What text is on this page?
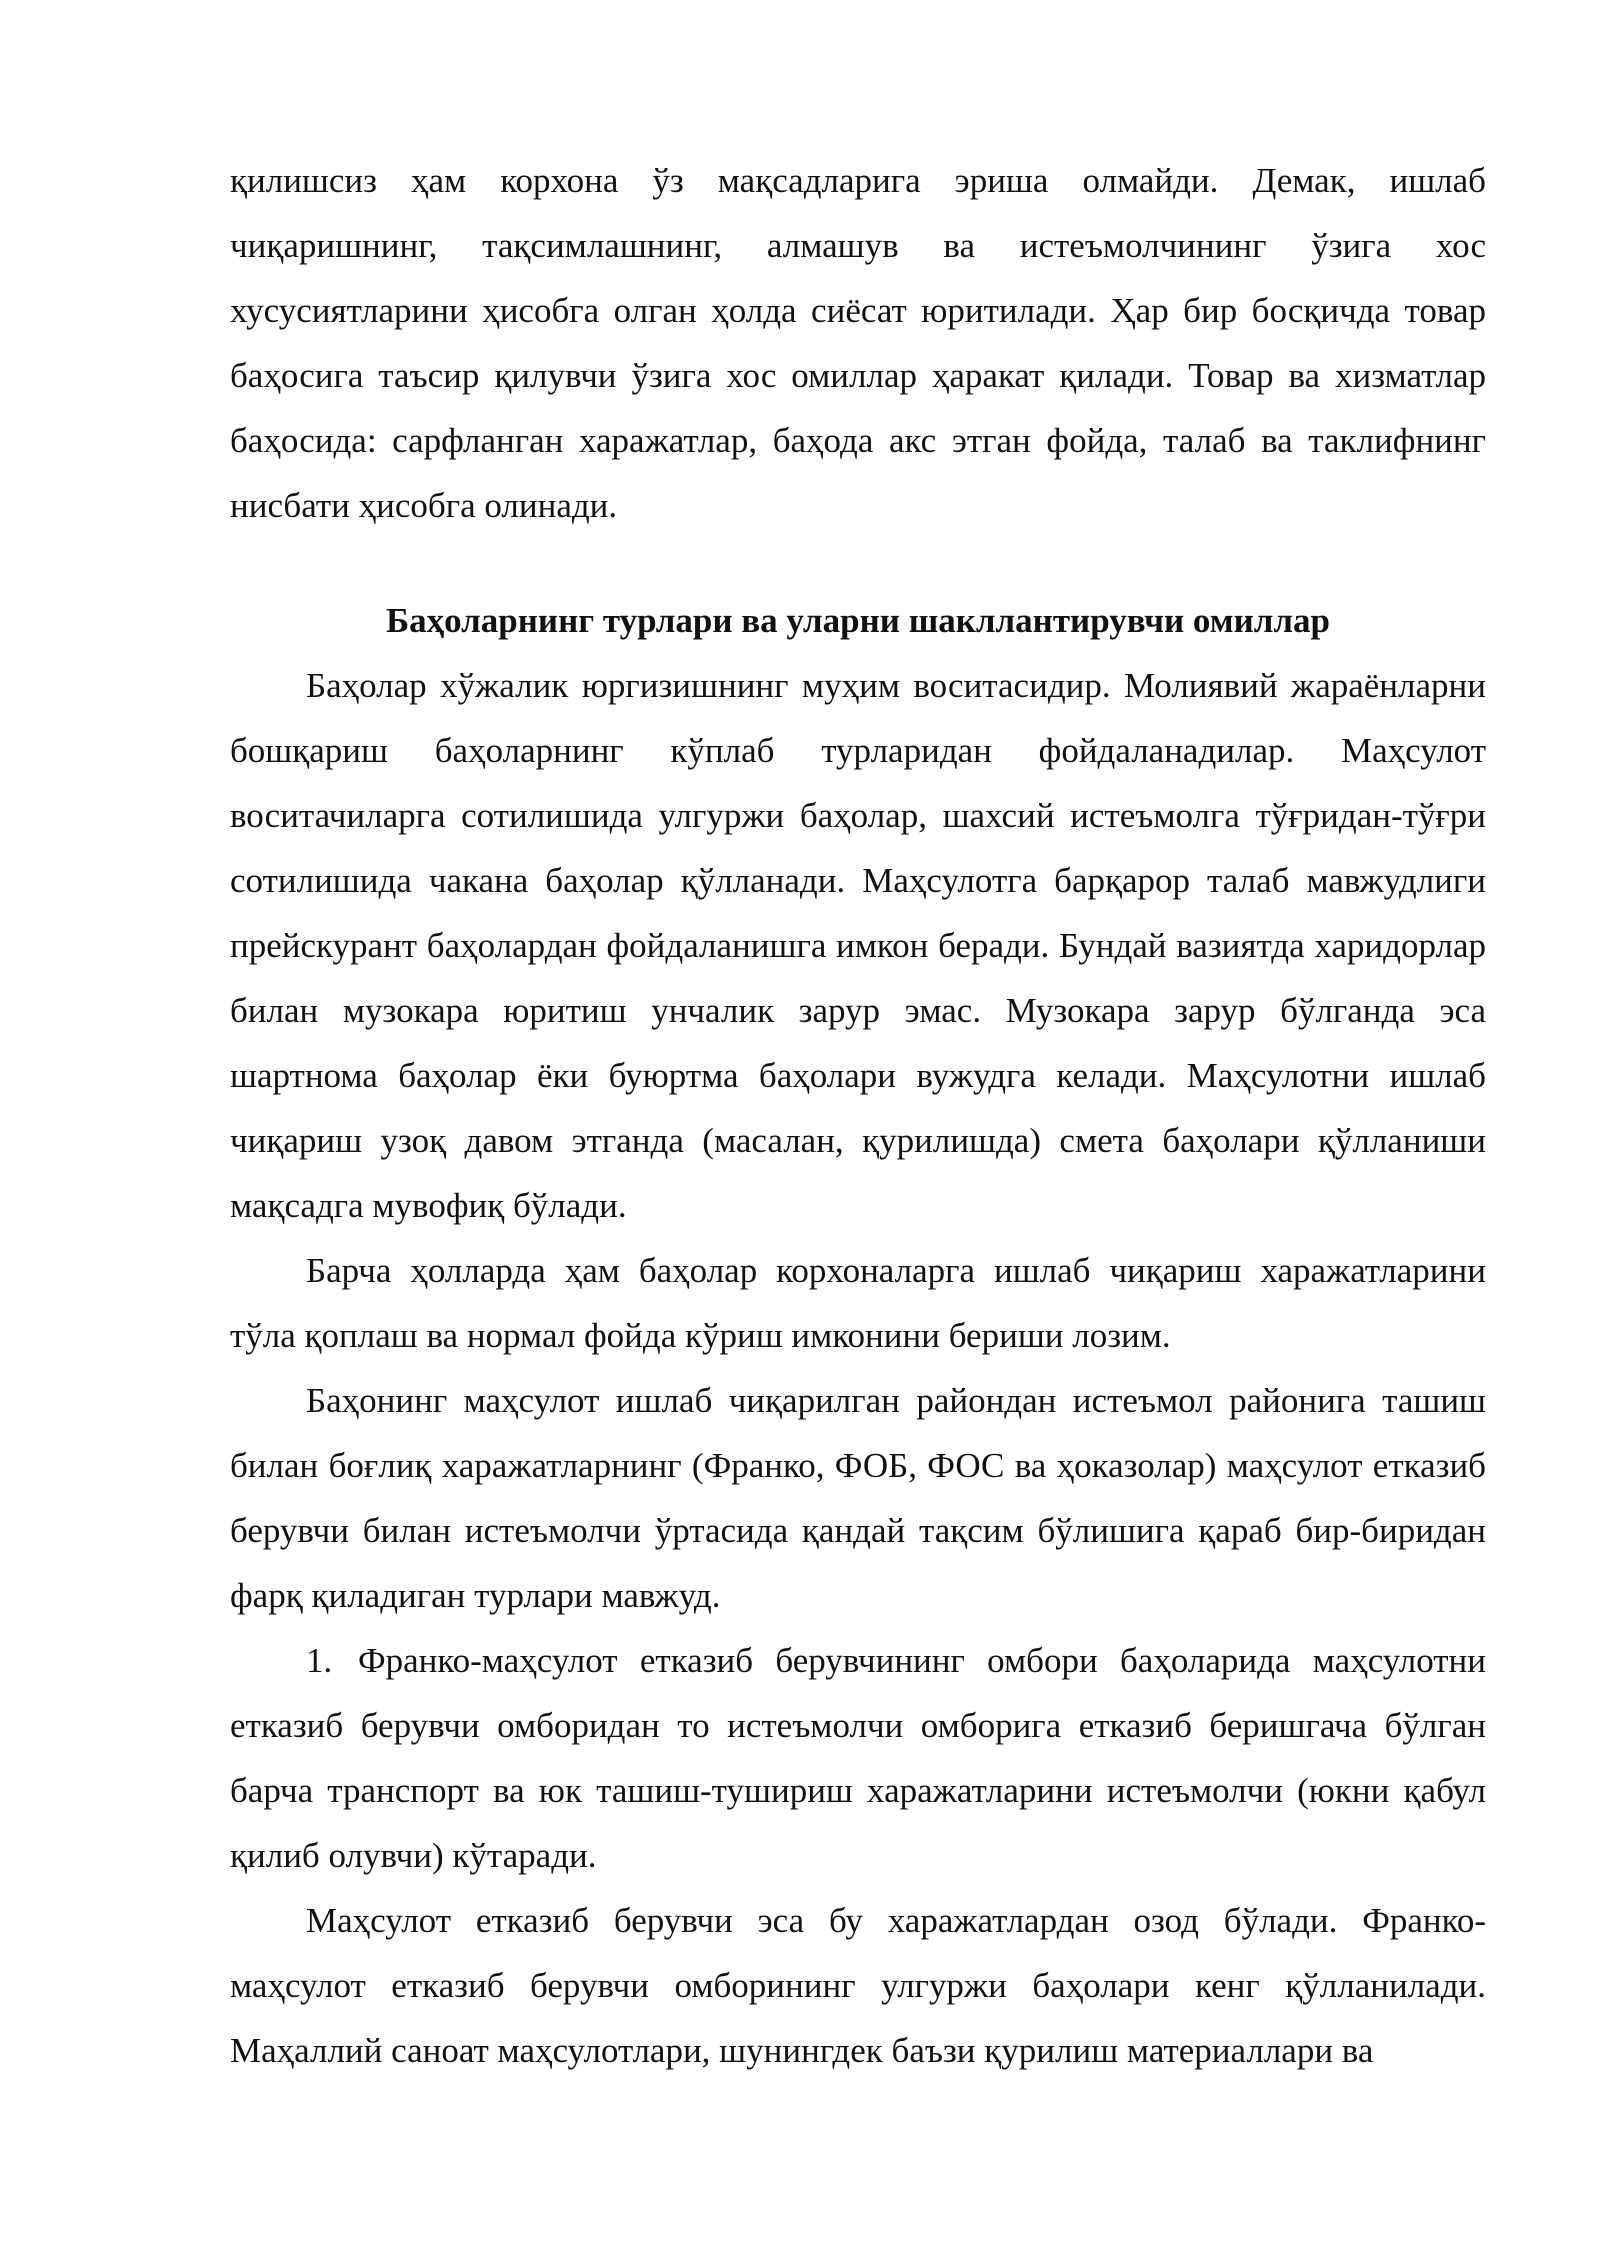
қилишсиз ҳам корхона ўз мақсадларига эриша олмайди. Демак, ишлаб чиқаришнинг, тақсимлашнинг, алмашув ва истеъмолчининг ўзига хос хусусиятларини ҳисобга олган ҳолда сиёсат юритилади. Ҳар бир босқичда товар баҳосига таъсир қилувчи ўзига хос омиллар ҳаракат қилади. Товар ва хизматлар баҳосида: сарфланган харажатлар, баҳода акс этган фойда, талаб ва таклифнинг нисбати ҳисобга олинади.

Баҳоларнинг турлари ва уларни шакллантирувчи омиллар

Баҳолар хўжалик юргизишнинг муҳим воситасидир. Молиявий жараёнларни бошқариш баҳоларнинг кўплаб турларидан фойдаланадилар. Маҳсулот воситачиларга сотилишида улгуржи баҳолар, шахсий истеъмолга тўғридан-тўғри сотилишида чакана баҳолар қўлланади. Маҳсулотга барқарор талаб мавжудлиги прейскурант баҳолардан фойдаланишга имкон беради. Бундай вазиятда харидорлар билан музокара юритиш унчалик зарур эмас. Музокара зарур бўлганда эса шартнома баҳолар ёки буюртма баҳолари вужудга келади. Маҳсулотни ишлаб чиқариш узоқ давом этганда (масалан, қурилишда) смета баҳолари қўлланиши мақсадга мувофиқ бўлади.

Барча ҳолларда ҳам баҳолар корхоналарга ишлаб чиқариш харажатларини тўла қоплаш ва нормал фойда кўриш имконини бериши лозим.

Баҳонинг маҳсулот ишлаб чиқарилган райондан истеъмол районига ташиш билан боғлиқ харажатларнинг (Франко, ФОБ, ФОС ва ҳоказолар) маҳсулот етказиб берувчи билан истеъмолчи ўртасида қандай тақсим бўлишига қараб бир-биридан фарқ қиладиган турлари мавжуд.

1. Франко-маҳсулот етказиб берувчининг омбори баҳоларида маҳсулотни етказиб берувчи омборидан то истеъмолчи омборига етказиб беришгача бўлган барча транспорт ва юк ташиш-тушириш харажатларини истеъмолчи (юкни қабул қилиб олувчи) кўтаради.

Маҳсулот етказиб берувчи эса бу харажатлардан озод бўлади. Франко-маҳсулот етказиб берувчи омборининг улгуржи баҳолари кенг қўлланилади. Маҳаллий саноат маҳсулотлари, шунингдек баъзи қурилиш материаллари ва
